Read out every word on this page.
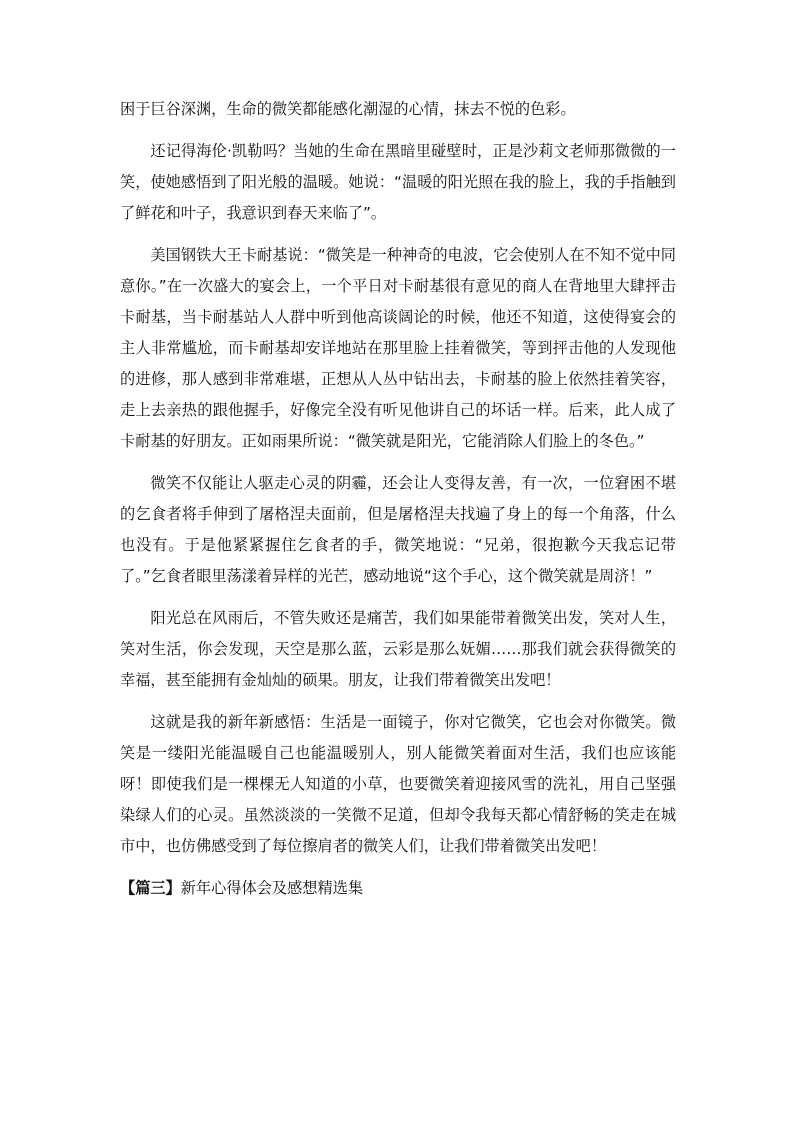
困于巨谷深渊，生命的微笑都能感化潮湿的心情，抹去不悦的色彩。

还记得海伦·凯勒吗？当她的生命在黑暗里碰壁时，正是沙莉文老师那微微的一笑，使她感悟到了阳光般的温暖。她说：“温暖的阳光照在我的脸上，我的手指触到了鲜花和叶子，我意识到春天来临了”。

美国钢铁大王卡耐基说：“微笑是一种神奇的电波，它会使别人在不知不觉中同意你。”在一次盛大的宴会上，一个平日对卡耐基很有意见的商人在背地里大肆抨击卡耐基，当卡耐基站人人群中听到他高谈阔论的时候，他还不知道，这使得宴会的主人非常尴尬，而卡耐基却安详地站在那里脸上挂着微笑，等到抨击他的人发现他的进修，那人感到非常难堪，正想从人丛中钻出去，卡耐基的脸上依然挂着笑容，走上去亲热的跟他握手，好像完全没有听见他讲自己的坏话一样。后来，此人成了卡耐基的好朋友。正如雨果所说：“微笑就是阳光，它能消除人们脸上的冬色。”

微笑不仅能让人驱走心灵的阴霾，还会让人变得友善，有一次，一位窘困不堪的乞食者将手伸到了屠格涅夫面前，但是屠格涅夫找遍了身上的每一个角落，什么也没有。于是他紧紧握住乞食者的手，微笑地说：“兄弟，很抱歉今天我忘记带了。”乞食者眼里荡漾着异样的光芒，感动地说“这个手心，这个微笑就是周济！”

阳光总在风雨后，不管失败还是痛苦，我们如果能带着微笑出发，笑对人生，笑对生活，你会发现，天空是那么蓝，云彩是那么妩媚……那我们就会获得微笑的幸福，甚至能拥有金灿灿的硕果。朋友，让我们带着微笑出发吧！

这就是我的新年新感悟：生活是一面镜子，你对它微笑，它也会对你微笑。微笑是一缕阳光能温暖自己也能温暖别人，别人能微笑着面对生活，我们也应该能呀！即使我们是一棵棵无人知道的小草，也要微笑着迎接风雪的洗礼，用自己坚强染绿人们的心灵。虽然淡淡的一笑微不足道，但却令我每天都心情舒畅的笑走在城市中，也仿佛感受到了每位擦肩者的微笑人们，让我们带着微笑出发吧！

【篇三】新年心得体会及感想精选集
